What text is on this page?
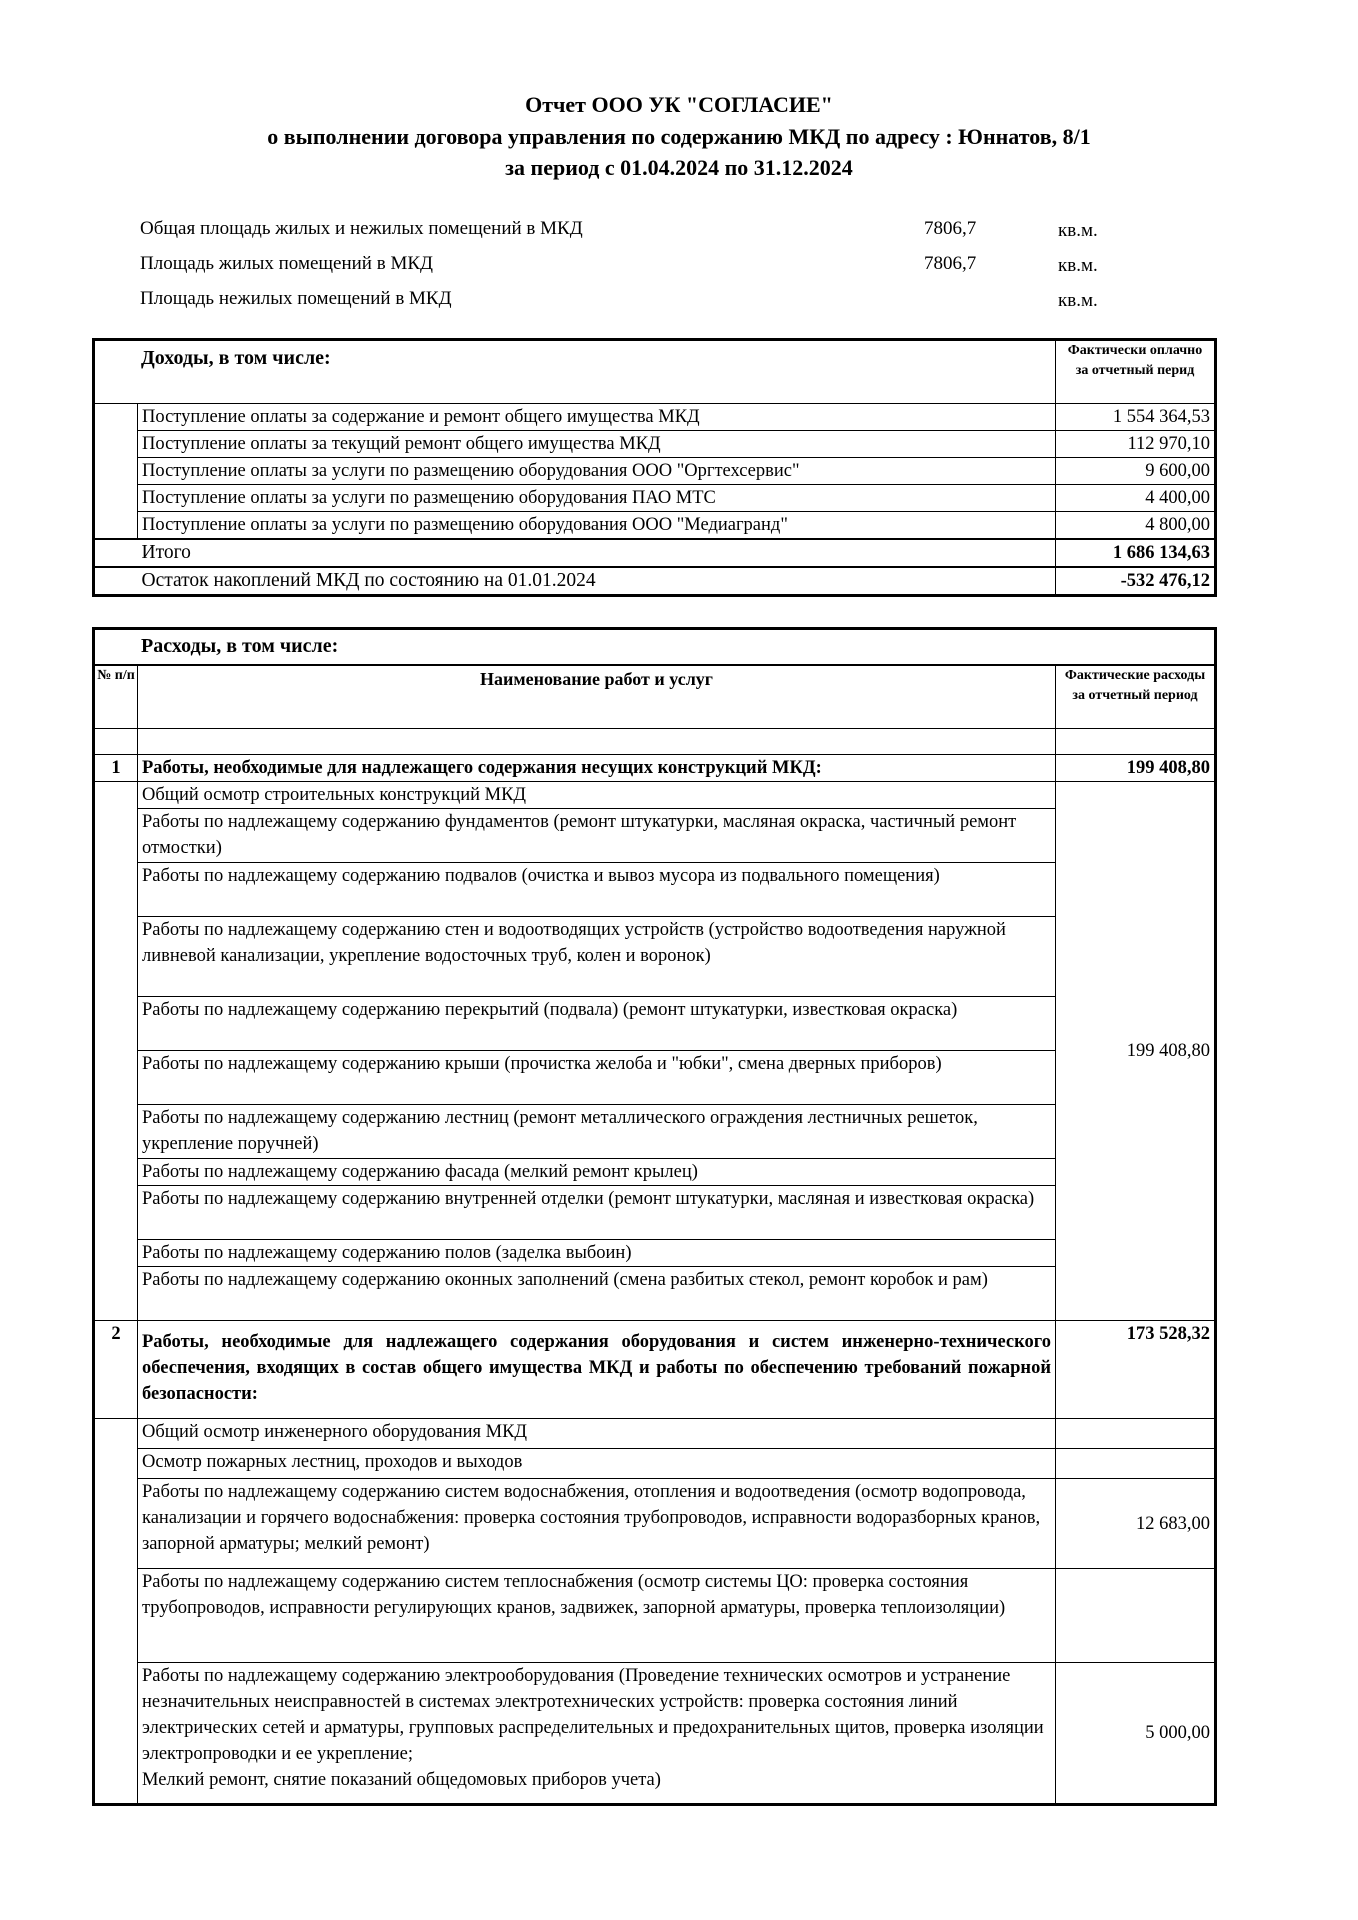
Отчет ООО УК "СОГЛАСИЕ"
о выполнении договора управления по содержанию МКД по адресу : Юннатов, 8/1
за период с 01.04.2024 по 31.12.2024
Общая площадь жилых и нежилых помещений в МКД	7806,7	кв.м.
Площадь жилых помещений в МКД	7806,7	кв.м.
Площадь нежилых помещений в МКД	кв.м.
Доходы, в том числе:		Фактически оплачно за отчетный перид
	Поступление оплаты за содержание и ремонт общего имущества МКД	1 554 364,53
	Поступление оплаты за текущий ремонт общего имущества МКД	112 970,10
	Поступление оплаты за услуги по размещению оборудования ООО "Оргтехсервис"	9 600,00
	Поступление оплаты за услуги по размещению оборудования ПАО МТС	4 400,00
	Поступление оплаты за услуги по размещению оборудования ООО "Медиагранд"	4 800,00
	Итого	1 686 134,63
	Остаток накоплений МКД по состоянию на 01.01.2024	-532 476,12
Расходы, в том числе:		
№ п/п	Наименование работ и услуг	Фактические расходы за отчетный период

1	Работы, необходимые для надлежащего содержания несущих конструкций МКД:	199 408,80
	Общий осмотр строительных конструкций МКД	199 408,80
	Работы по надлежащему содержанию фундаментов (ремонт штукатурки, масляная окраска, частичный ремонт отмостки)	
	Работы по надлежащему содержанию подвалов (очистка и вывоз мусора из подвального помещения)	
	Работы по надлежащему содержанию стен и водоотводящих устройств (устройство водоотведения наружной ливневой канализации, укрепление водосточных труб, колен и воронок)	
	Работы по надлежащему содержанию перекрытий (подвала) (ремонт штукатурки, известковая окраска)	
	Работы по надлежащему содержанию крыши (прочистка желоба и "юбки", смена дверных приборов)	
	Работы по надлежащему содержанию лестниц (ремонт металлического ограждения лестничных решеток, укрепление поручней)	
	Работы по надлежащему содержанию фасада (мелкий ремонт крылец)	
	Работы по надлежащему содержанию внутренней отделки (ремонт штукатурки, масляная и известковая окраска)	
	Работы по надлежащему содержанию полов (заделка выбоин)	
	Работы по надлежащему содержанию оконных заполнений (смена разбитых стекол, ремонт коробок и рам)	
2	Работы, необходимые для надлежащего содержания оборудования и систем инженерно-технического обеспечения, входящих в состав общего имущества МКД и работы по обеспечению требований пожарной безопасности:	173 528,32
	Общий осмотр инженерного оборудования МКД	
	Осмотр пожарных лестниц, проходов и выходов	
	Работы по надлежащему содержанию систем водоснабжения, отопления и водоотведения (осмотр водопровода, канализации и горячего водоснабжения: проверка состояния трубопроводов, исправности водоразборных кранов, запорной арматуры; мелкий ремонт)	12 683,00
	Работы по надлежащему содержанию систем теплоснабжения (осмотр системы ЦО: проверка состояния трубопроводов, исправности регулирующих кранов, задвижек, запорной арматуры, проверка теплоизоляции)	
	Работы по надлежащему содержанию электрооборудования (Проведение технических осмотров и устранение незначительных неисправностей в системах электротехнических устройств: проверка состояния линий электрических сетей и арматуры, групповых распределительных и предохранительных щитов, проверка изоляции электропроводки и ее укрепление;
Мелкий ремонт, снятие показаний общедомовых приборов учета)	5 000,00
